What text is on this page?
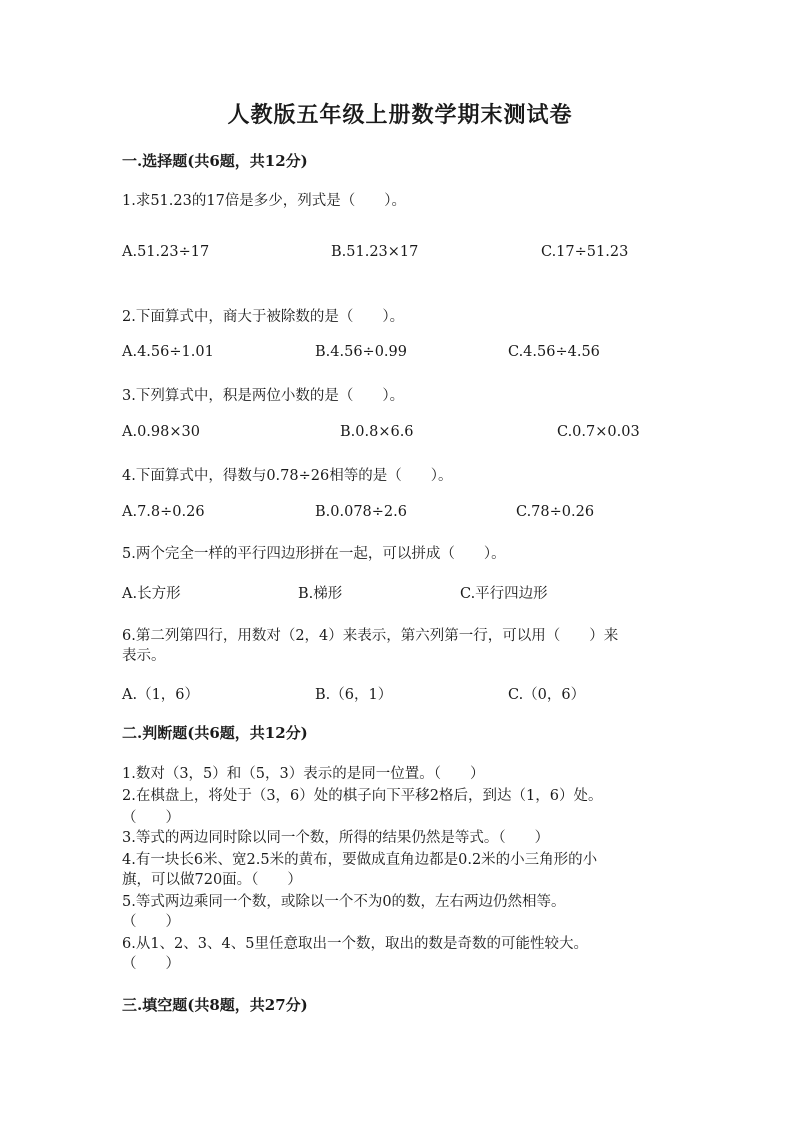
人教版五年级上册数学期末测试卷
一.选择题(共6题，共12分)
1.求51.23的17倍是多少，列式是（　　）。
A.51.23÷17	B.51.23×17	C.17÷51.23
2.下面算式中，商大于被除数的是（　　）。
A.4.56÷1.01	B.4.56÷0.99	C.4.56÷4.56
3.下列算式中，积是两位小数的是（　　）。
A.0.98×30	B.0.8×6.6	C.0.7×0.03
4.下面算式中，得数与0.78÷26相等的是（　　）。
A.7.8÷0.26	B.0.078÷2.6	C.78÷0.26
5.两个完全一样的平行四边形拼在一起，可以拼成（　　）。
A.长方形	B.梯形	C.平行四边形
6.第二列第四行，用数对（2，4）来表示，第六列第一行，可以用（　　）来
表示。
A.（1，6）	B.（6，1）	C.（0，6）
二.判断题(共6题，共12分)
1.数对（3，5）和（5，3）表示的是同一位置。（　　）
2.在棋盘上，将处于（3，6）处的棋子向下平移2格后，到达（1，6）处。
（　　）
3.等式的两边同时除以同一个数，所得的结果仍然是等式。（　　）
4.有一块长6米、宽2.5米的黄布，要做成直角边都是0.2米的小三角形的小
旗，可以做720面。（　　）
5.等式两边乘同一个数，或除以一个不为0的数，左右两边仍然相等。
（　　）
6.从1、2、3、4、5里任意取出一个数，取出的数是奇数的可能性较大。
（　　）
三.填空题(共8题，共27分)
